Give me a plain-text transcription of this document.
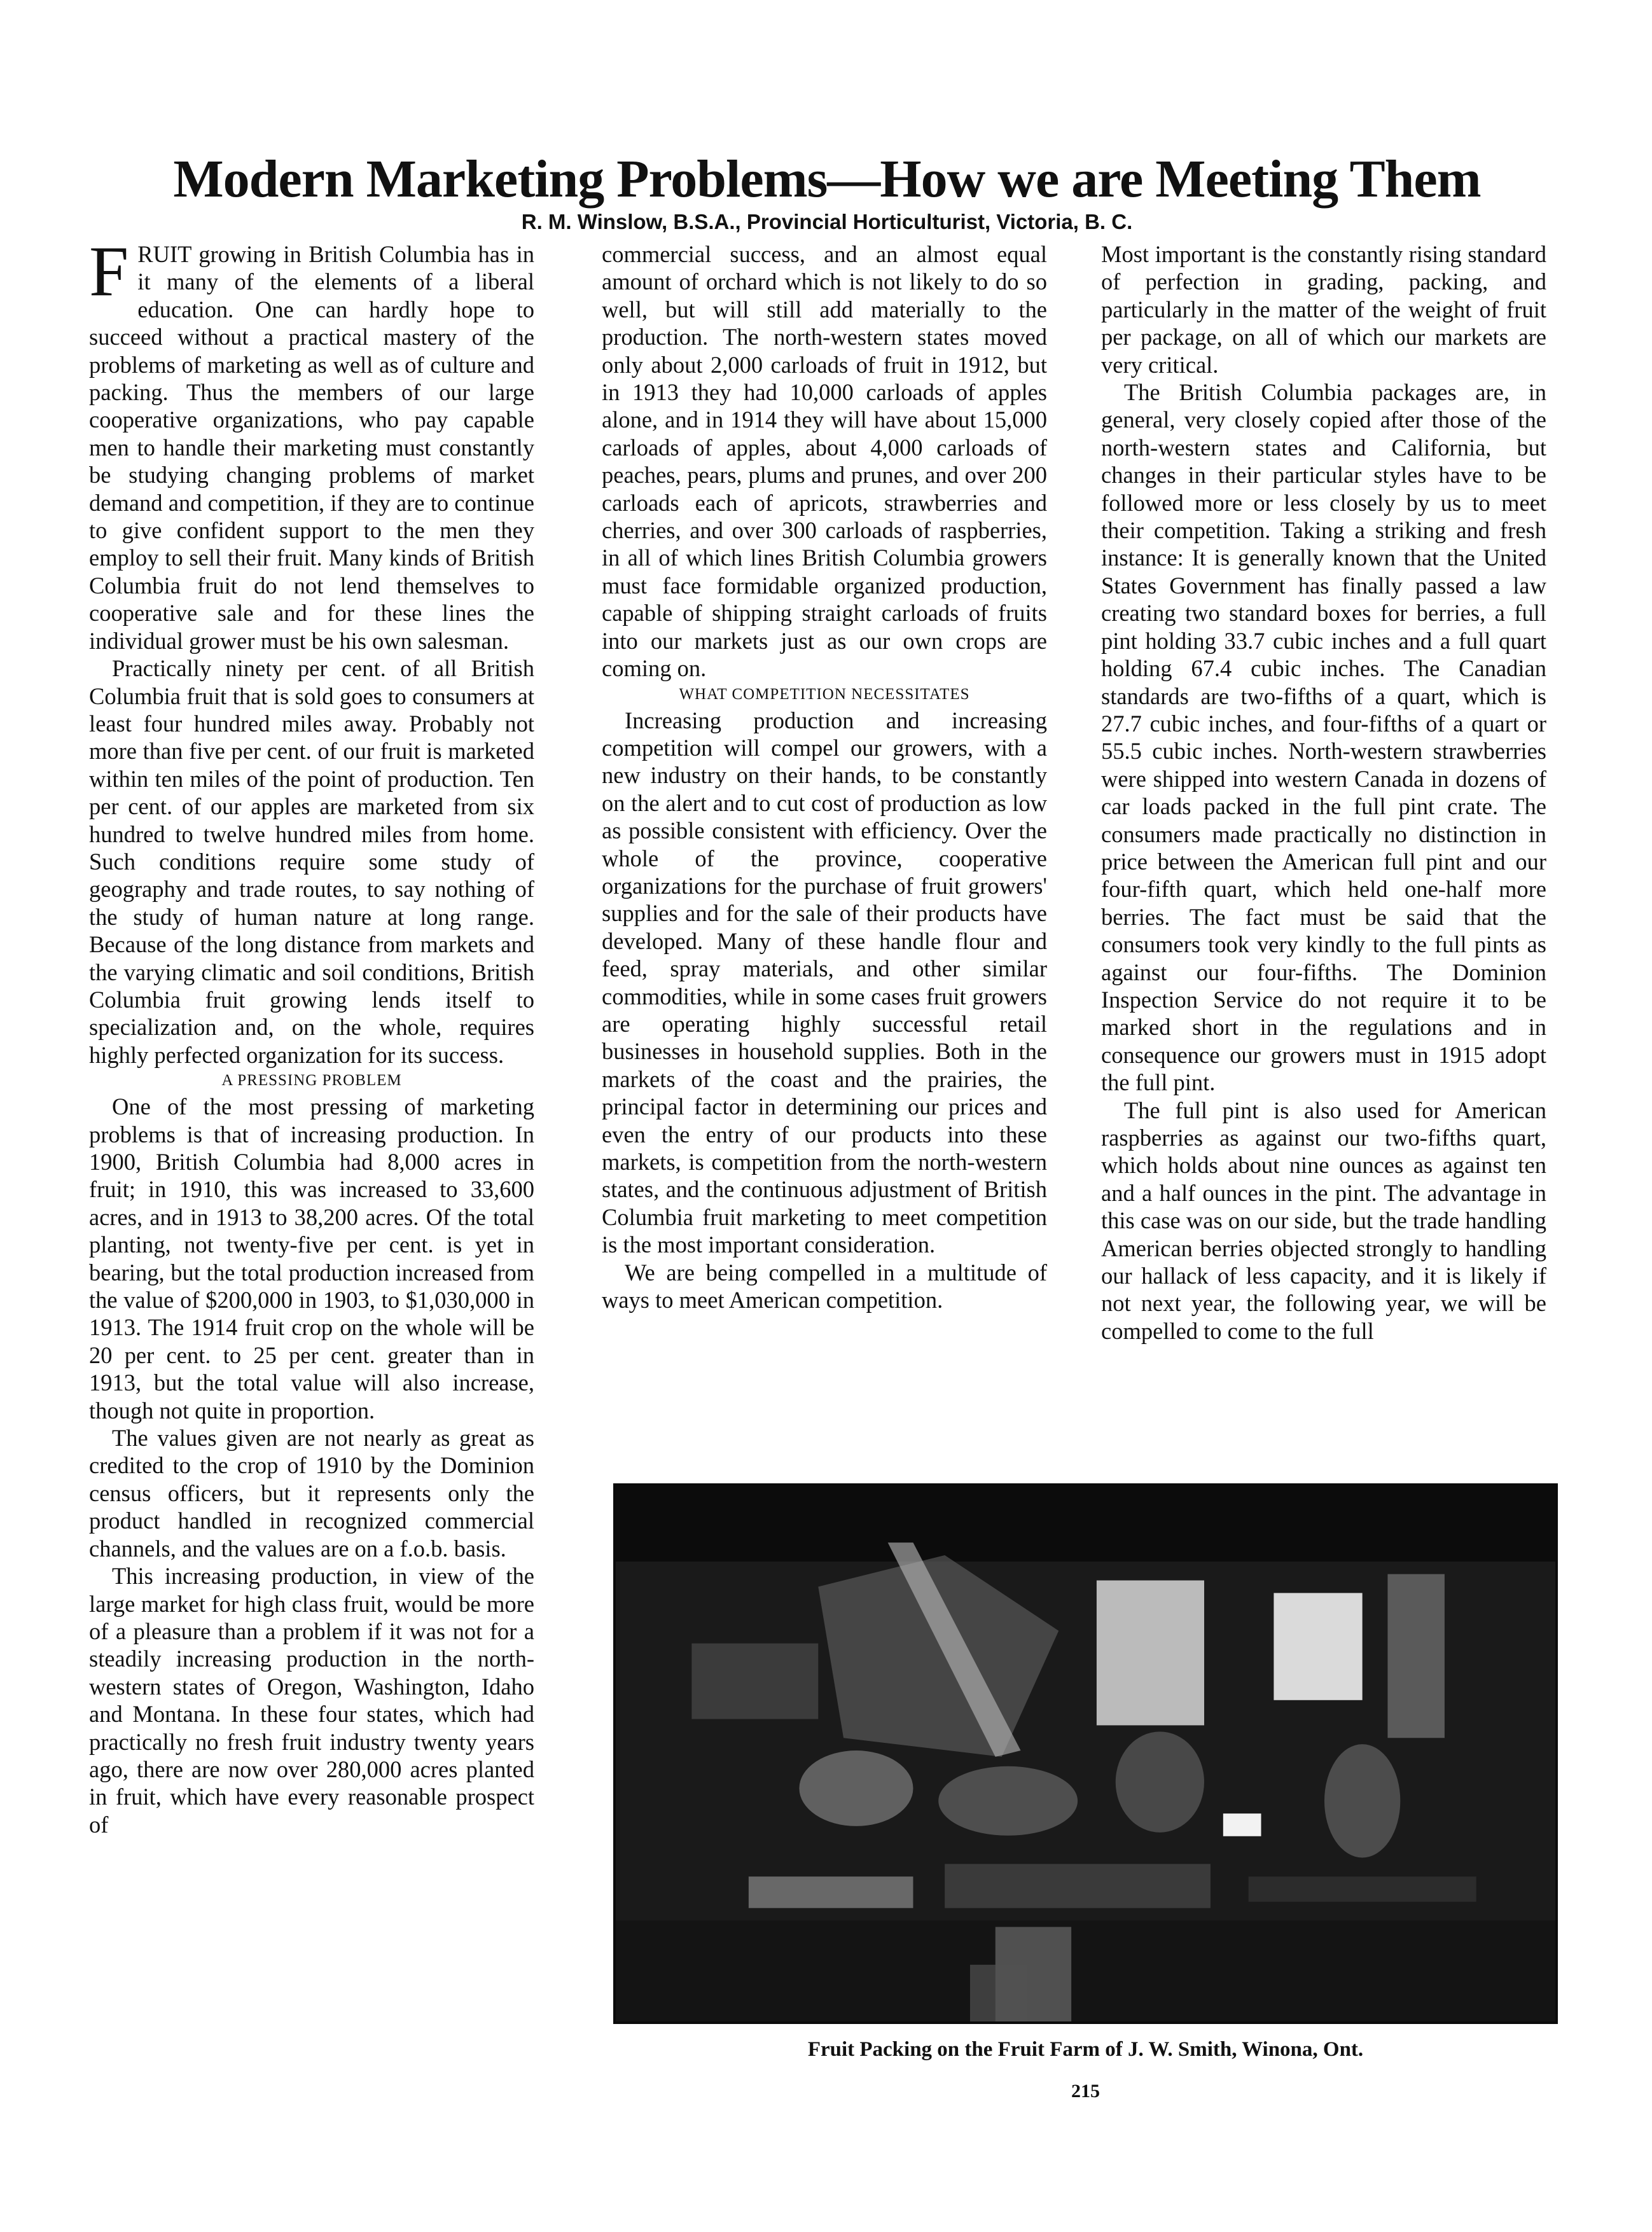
Modern Marketing Problems—How we are Meeting Them
R. M. Winslow, B.S.A., Provincial Horticulturist, Victoria, B. C.

FRUIT growing in British Columbia has in it many of the elements of a liberal education. One can hardly hope to succeed without a practical mastery of the problems of marketing as well as of culture and packing. Thus the members of our large cooperative organizations, who pay capable men to handle their marketing must constantly be studying changing problems of market demand and competition, if they are to continue to give confident support to the men they employ to sell their fruit. Many kinds of British Columbia fruit do not lend themselves to cooperative sale and for these lines the individual grower must be his own salesman.

Practically ninety per cent. of all British Columbia fruit that is sold goes to consumers at least four hundred miles away. Probably not more than five per cent. of our fruit is marketed within ten miles of the point of production. Ten per cent. of our apples are marketed from six hundred to twelve hundred miles from home. Such conditions require some study of geography and trade routes, to say nothing of the study of human nature at long range. Because of the long distance from markets and the varying climatic and soil conditions, British Columbia fruit growing lends itself to specialization and, on the whole, requires highly perfected organization for its success.

A PRESSING PROBLEM

One of the most pressing of marketing problems is that of increasing production. In 1900, British Columbia had 8,000 acres in fruit; in 1910, this was increased to 33,600 acres, and in 1913 to 38,200 acres. Of the total planting, not twenty-five per cent. is yet in bearing, but the total production increased from the value of $200,000 in 1903, to $1,030,000 in 1913. The 1914 fruit crop on the whole will be 20 per cent. to 25 per cent. greater than in 1913, but the total value will also increase, though not quite in proportion.

The values given are not nearly as great as credited to the crop of 1910 by the Dominion census officers, but it represents only the product handled in recognized commercial channels, and the values are on a f.o.b. basis.

This increasing production, in view of the large market for high class fruit, would be more of a pleasure than a problem if it was not for a steadily increasing production in the north-western states of Oregon, Washington, Idaho and Montana. In these four states, which had practically no fresh fruit industry twenty years ago, there are now over 280,000 acres planted in fruit, which have every reasonable prospect of

commercial success, and an almost equal amount of orchard which is not likely to do so well, but will still add materially to the production. The north-western states moved only about 2,000 carloads of fruit in 1912, but in 1913 they had 10,000 carloads of apples alone, and in 1914 they will have about 15,000 carloads of apples, about 4,000 carloads of peaches, pears, plums and prunes, and over 200 carloads each of apricots, strawberries and cherries, and over 300 carloads of raspberries, in all of which lines British Columbia growers must face formidable organized production, capable of shipping straight carloads of fruits into our markets just as our own crops are coming on.

WHAT COMPETITION NECESSITATES

Increasing production and increasing competition will compel our growers, with a new industry on their hands, to be constantly on the alert and to cut cost of production as low as possible consistent with efficiency. Over the whole of the province, cooperative organizations for the purchase of fruit growers' supplies and for the sale of their products have developed. Many of these handle flour and feed, spray materials, and other similar commodities, while in some cases fruit growers are operating highly successful retail businesses in household supplies. Both in the markets of the coast and the prairies, the principal factor in determining our prices and even the entry of our products into these markets, is competition from the north-western states, and the continuous adjustment of British Columbia fruit marketing to meet competition is the most important consideration.

We are being compelled in a multitude of ways to meet American competition.

Most important is the constantly rising standard of perfection in grading, packing, and particularly in the matter of the weight of fruit per package, on all of which our markets are very critical.

The British Columbia packages are, in general, very closely copied after those of the north-western states and California, but changes in their particular styles have to be followed more or less closely by us to meet their competition. Taking a striking and fresh instance: It is generally known that the United States Government has finally passed a law creating two standard boxes for berries, a full pint holding 33.7 cubic inches and a full quart holding 67.4 cubic inches. The Canadian standards are two-fifths of a quart, which is 27.7 cubic inches, and four-fifths of a quart or 55.5 cubic inches. North-western strawberries were shipped into western Canada in dozens of car loads packed in the full pint crate. The consumers made practically no distinction in price between the American full pint and our four-fifth quart, which held one-half more berries. The fact must be said that the consumers took very kindly to the full pints as against our four-fifths. The Dominion Inspection Service do not require it to be marked short in the regulations and in consequence our growers must in 1915 adopt the full pint.

The full pint is also used for American raspberries as against our two-fifths quart, which holds about nine ounces as against ten and a half ounces in the pint. The advantage in this case was on our side, but the trade handling American berries objected strongly to handling our hallack of less capacity, and it is likely if not next year, the following year, we will be compelled to come to the full

Fruit Packing on the Fruit Farm of J. W. Smith, Winona, Ont.
215
